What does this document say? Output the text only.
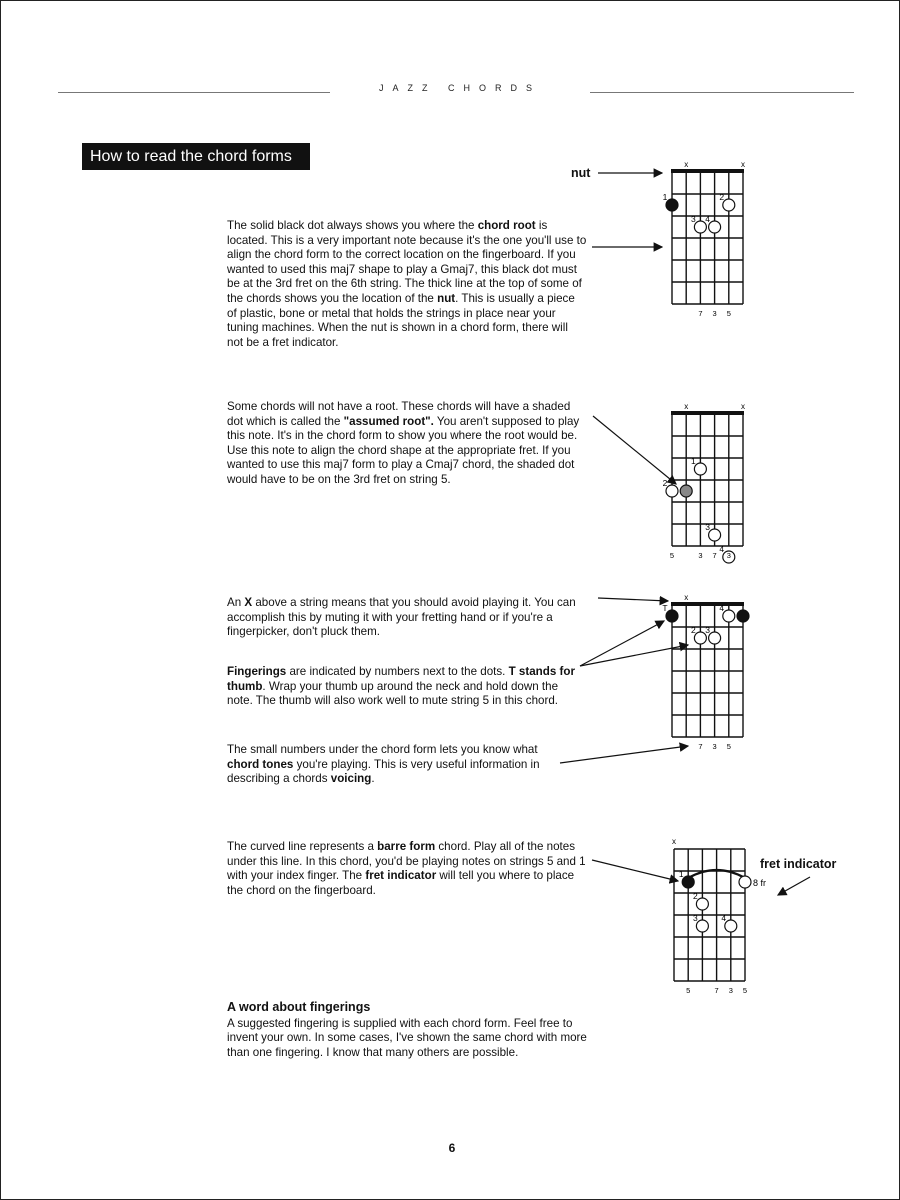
JAZZ CHORDS
How to read the chord forms
nut
fret indicator
The solid black dot always shows you where the chord root is located. This is a very important note because it's the one you'll use to align the chord form to the correct location on the fingerboard. If you wanted to used this maj7 shape to play a Gmaj7, this black dot must be at the 3rd fret on the 6th string. The thick line at the top of some of the chords shows you the location of the nut. This is usually a piece of plastic, bone or metal that holds the strings in place near your tuning machines. When the nut is shown in a chord form, there will not be a fret indicator.
Some chords will not have a root. These chords will have a shaded dot which is called the "assumed root". You aren't supposed to play this note. It's in the chord form to show you where the root would be. Use this note to align the chord shape at the appropriate fret. If you wanted to use this maj7 form to play a Cmaj7 chord, the shaded dot would have to be on the 3rd fret on string 5.
An X above a string means that you should avoid playing it. You can accomplish this by muting it with your fretting hand or if you're a fingerpicker, don't pluck them.
Fingerings are indicated by numbers next to the dots. T stands for thumb. Wrap your thumb up around the neck and hold down the note. The thumb will also work well to mute string 5 in this chord.
The small numbers under the chord form lets you know what chord tones you're playing. This is very useful information in describing a chords voicing.
The curved line represents a barre form chord. Play all of the notes under this line. In this chord, you'd be playing notes on strings 5 and 1 with your index finger. The fret indicator will tell you where to place the chord on the fingerboard.
A word about fingerings
A suggested fingering is supplied with each chord form. Feel free to invent your own. In some cases, I've shown the same chord with more than one fingering. I know that many others are possible.
6
x	x
1	2
3 4
7 3 5
x	x
1
2
3
4
5	3 7 3
x
T	4
2 3
7 3 5
x
8 fr
1
2
3	4
5	7 3 5
